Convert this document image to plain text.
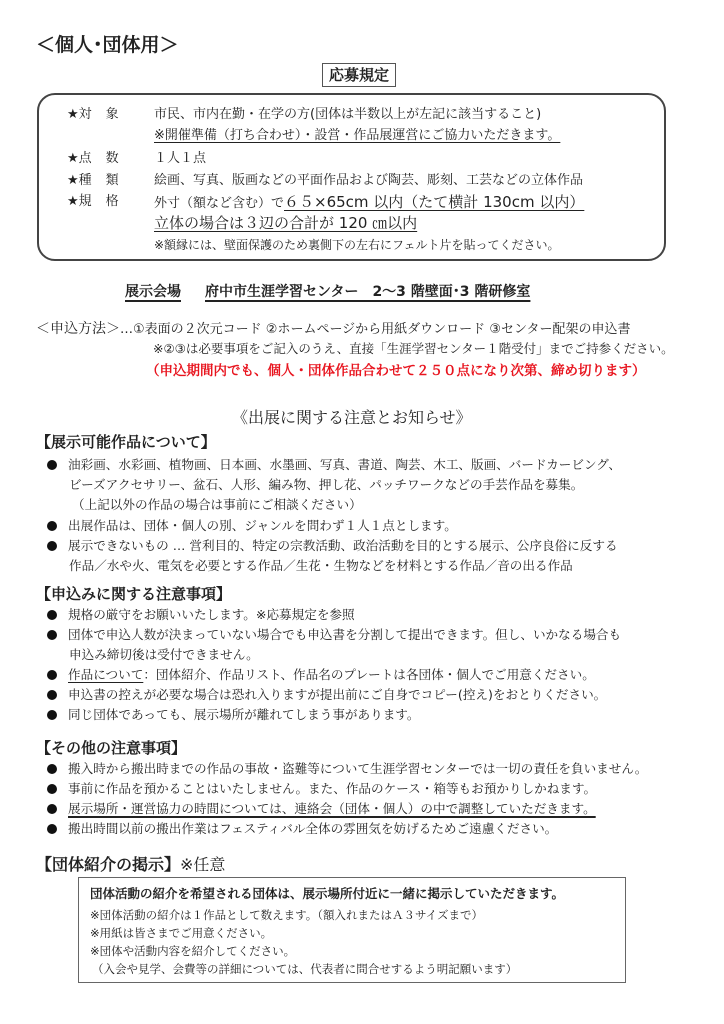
＜個人･団体用＞
応募規定
★対 象	市民、市内在勤・在学の方(団体は半数以上が左記に該当すること)
※開催準備（打ち合わせ）・設営・作品展運営にご協力いただきます。
★点 数	１人１点
★種 類	絵画、写真、版画などの平面作品および陶芸、彫刻、工芸などの立体作品
★規 格	外寸（額など含む）で６５×65cm 以内（たて横計 130cm 以内）
立体の場合は３辺の合計が 120 ㎝以内
※額縁には、壁面保護のため裏側下の左右にフェルト片を貼ってください。
展示会場 府中市生涯学習センター　2～3 階壁面･3 階研修室
＜申込方法＞…①表面の２次元コード ②ホームページから用紙ダウンロード ③センター配架の申込書
※②③は必要事項をご記入のうえ、直接「生涯学習センター１階受付」までご持参ください。
（申込期間内でも、個人・団体作品合わせて２５０点になり次第、締め切ります）
《出展に関する注意とお知らせ》
【展示可能作品について】
油彩画、水彩画、植物画、日本画、水墨画、写真、書道、陶芸、木工、版画、バードカービング、
ビーズアクセサリー、盆石、人形、編み物、押し花、パッチワークなどの手芸作品を募集。
（上記以外の作品の場合は事前にご相談ください）
出展作品は、団体・個人の別、ジャンルを問わず１人１点とします。
展示できないもの … 営利目的、特定の宗教活動、政治活動を目的とする展示、公序良俗に反する
作品／水や火、電気を必要とする作品／生花・生物などを材料とする作品／音の出る作品
【申込みに関する注意事項】
規格の厳守をお願いいたします。※応募規定を参照
団体で申込人数が決まっていない場合でも申込書を分割して提出できます。但し、いかなる場合も
申込み締切後は受付できません。
作品について：団体紹介、作品リスト、作品名のプレートは各団体・個人でご用意ください。
申込書の控えが必要な場合は恐れ入りますが提出前にご自身でコピー(控え)をおとりください。
同じ団体であっても、展示場所が離れてしまう事があります。
【その他の注意事項】
搬入時から搬出時までの作品の事故・盗難等について生涯学習センターでは一切の責任を負いません。
事前に作品を預かることはいたしません。また、作品のケース・箱等もお預かりしかねます。
展示場所・運営協力の時間については、連絡会（団体・個人）の中で調整していただきます。
搬出時間以前の搬出作業はフェスティバル全体の雰囲気を妨げるためご遠慮ください。
【団体紹介の掲示】※任意
団体活動の紹介を希望される団体は、展示場所付近に一緒に掲示していただきます。
※団体活動の紹介は１作品として数えます。（額入れまたはＡ３サイズまで）
※用紙は皆さまでご用意ください。
※団体や活動内容を紹介してください。
（入会や見学、会費等の詳細については、代表者に問合せするよう明記願います）
